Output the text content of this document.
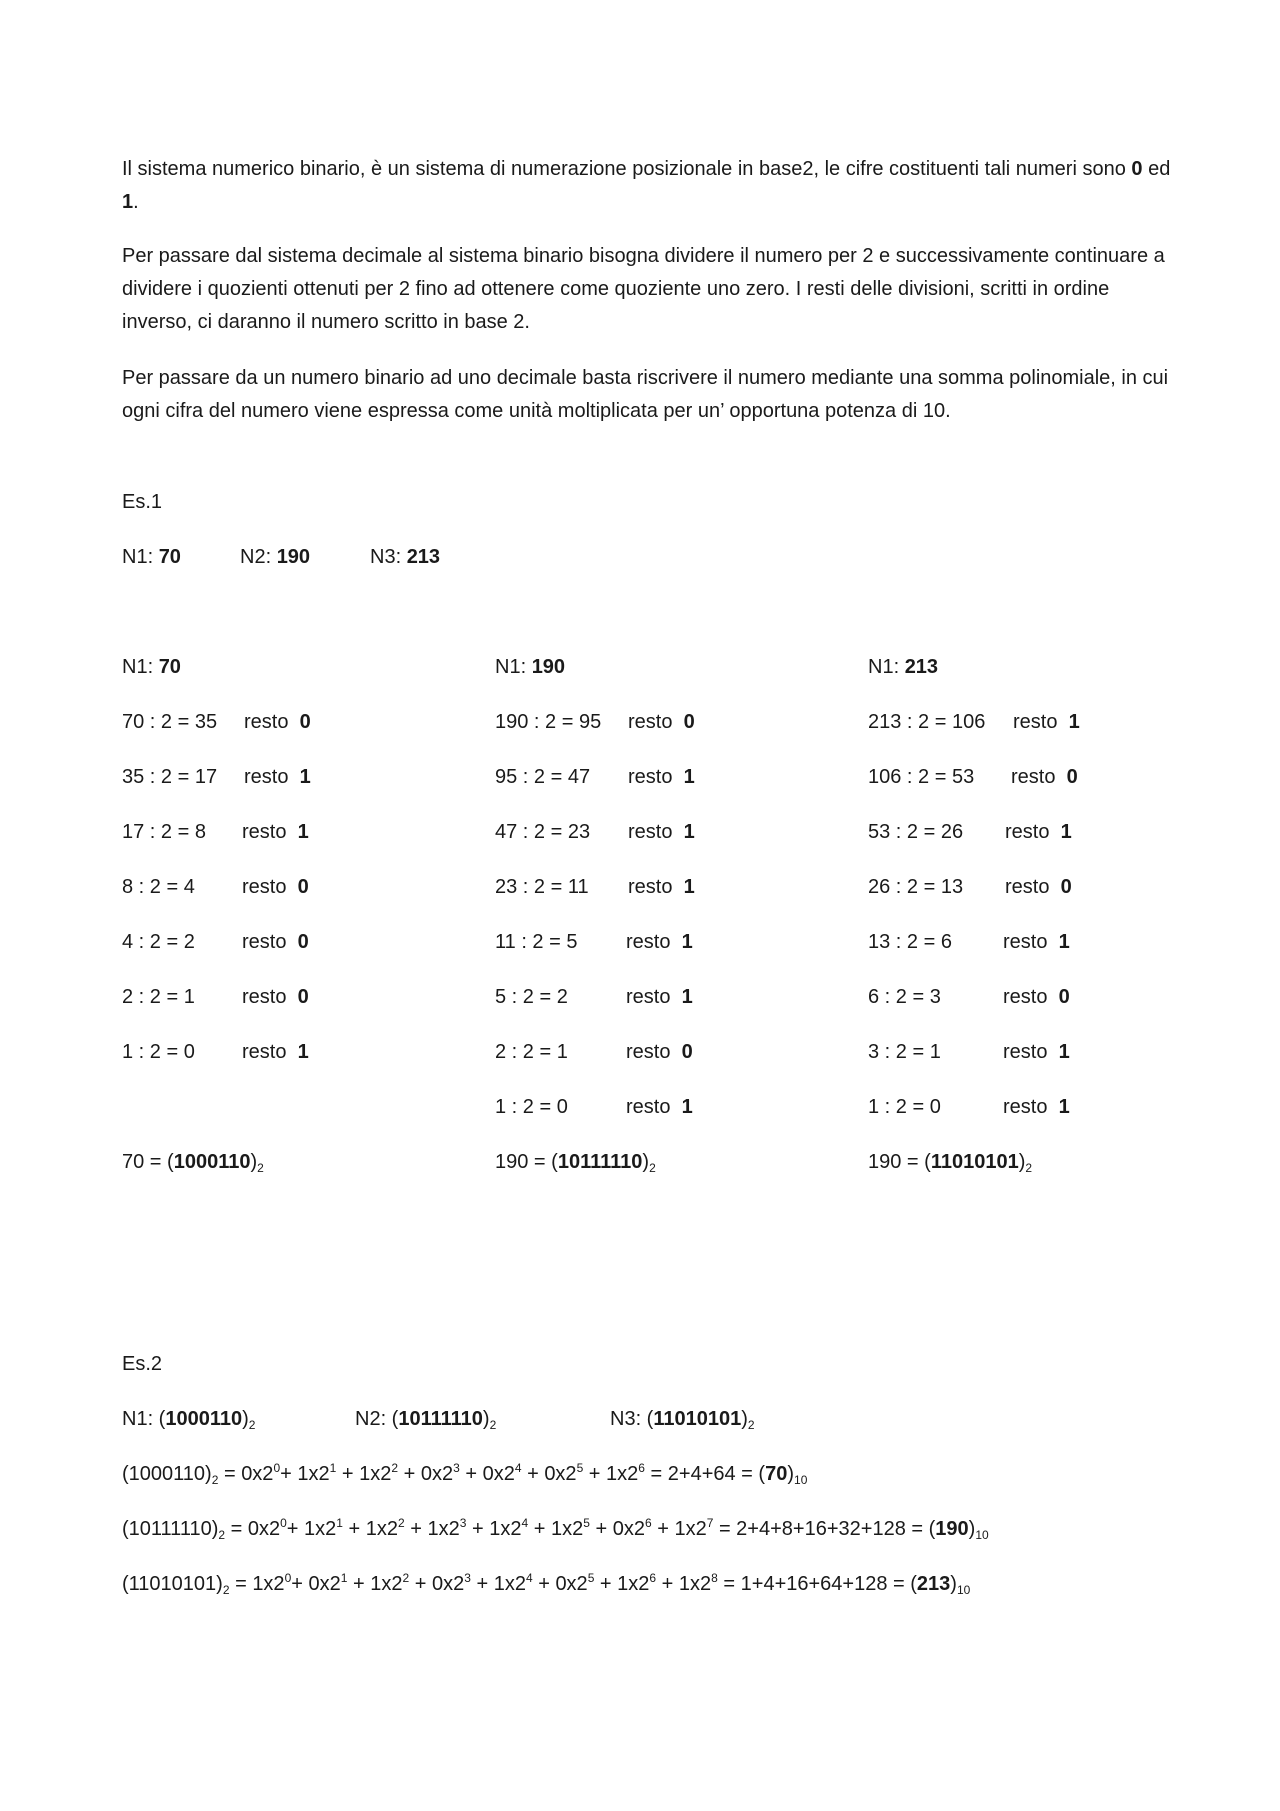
Il sistema numerico binario, è un sistema di numerazione posizionale in base2, le cifre costituenti tali numeri sono 0 ed 1.

Per passare dal sistema decimale al sistema binario bisogna dividere il numero per 2 e successivamente continuare a dividere i quozienti ottenuti per 2 fino ad ottenere come quoziente uno zero. I resti delle divisioni, scritti in ordine inverso, ci daranno il numero scritto in base 2.

Per passare da un numero binario ad uno decimale basta riscrivere il numero mediante una somma polinomiale, in cui ogni cifra del numero viene espressa come unità moltiplicata per un’ opportuna potenza di 10.

Es.1
N1: 70	N2: 190	N3: 213
N1: 70
70 : 2 = 35 resto 0
35 : 2 = 17 resto 1
17 : 2 = 8 resto 1
8 : 2 = 4 resto 0
4 : 2 = 2 resto 0
2 : 2 = 1 resto 0
1 : 2 = 0 resto 1
$70 = (1000110)_2$
N1: 190
190 : 2 = 95 resto 0
95 : 2 = 47 resto 1
47 : 2 = 23 resto 1
23 : 2 = 11 resto 1
11 : 2 = 5 resto 1
5 : 2 = 2	resto 1
2 : 2 = 1	resto 0
1 : 2 = 0	resto 1
$190 = (10111110)_2$
N1: 213
213 : 2 = 106 resto 1
106 : 2 = 53 resto 0
53 : 2 = 26 resto 1
26 : 2 = 13 resto 0
13 : 2 = 6	resto 1
6 : 2 = 3	resto 0
3 : 2 = 1	resto 1
1 : 2 = 0	resto 1
$190 = (11010101)_2$
Es.2
N1: $(1000110)_2$	N2: $(10111110)_2$	N3: $(11010101)_2$
$(1000110)_2 = 0x2^0+ 1x2^1 + 1x2^2 + 0x2^3 + 0x2^4 + 0x2^5 + 1x2^6 = 2+4+64 = (70)_{10}$
$(10111110)_2 = 0x2^0+ 1x2^1 + 1x2^2 + 1x2^3 + 1x2^4 + 1x2^5 + 0x2^6 + 1x2^7 = 2+4+8+16+32+128 = (190)_{10}$
$(11010101)_2 = 1x2^0+ 0x2^1 + 1x2^2 + 0x2^3 + 1x2^4 + 0x2^5 + 1x2^6 + 1x2^8 = 1+4+16+64+128 = (213)_{10}$
